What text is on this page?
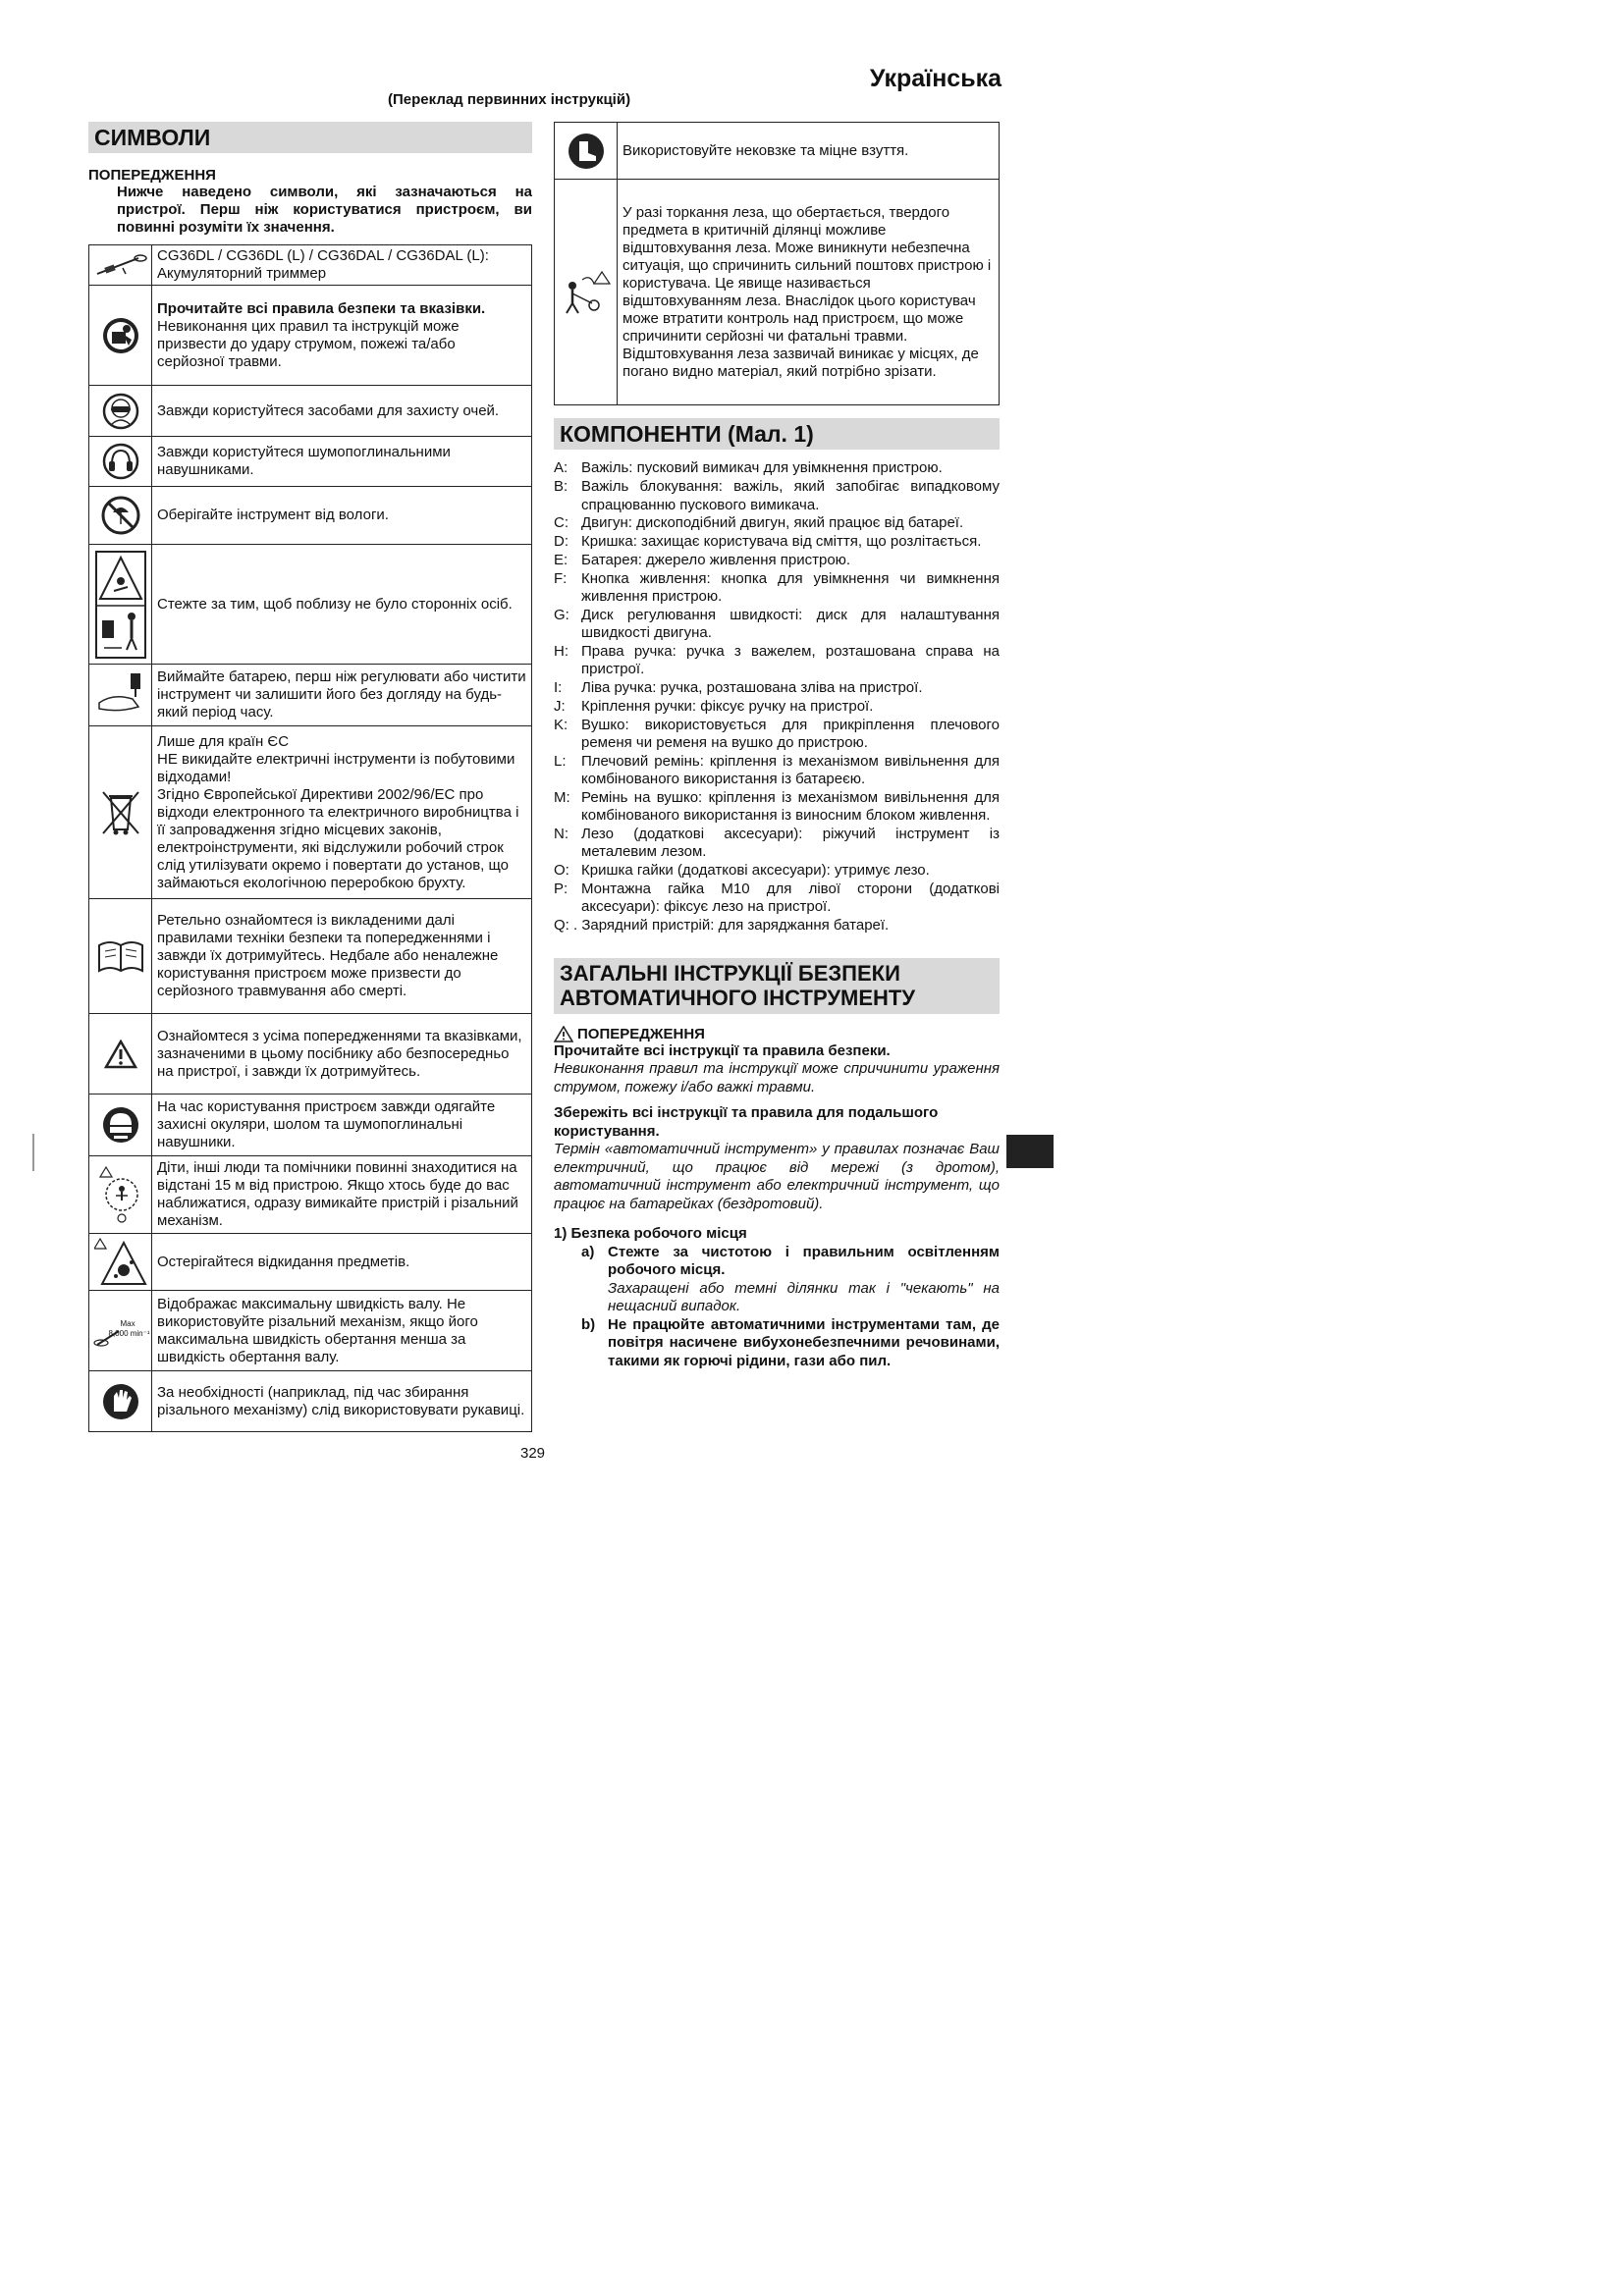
Українська
(Переклад первинних інструкцій)
СИМВОЛИ
ПОПЕРЕДЖЕННЯ
Нижче наведено символи, які зазначаються на пристрої. Перш ніж користуватися пристроєм, ви повинні розуміти їх значення.

CG36DL / CG36DL (L) / CG36DAL / CG36DAL (L):
Акумуляторний триммер

Прочитайте всі правила безпеки та вказівки.
Невиконання цих правил та інструкцій може призвести до удару струмом, пожежі та/або серйозної травми.

	Завжди користуйтеся засобами для захисту очей.

	Завжди користуйтеся шумопоглинальними навушниками.

	Оберігайте інструмент від вологи.

	Стежте за тим, щоб поблизу не було сторонніх осіб.

	Виймайте батарею, перш ніж регулювати або чистити інструмент чи залишити його без догляду на будь-який період часу.

Лише для країн ЄС
НЕ викидайте електричні інструменти із побутовими відходами!
Згідно Європейської Директиви 2002/96/ЕС про відходи електронного та електричного виробництва і її запровадження згідно місцевих законів, електроінструменти, які відслужили робочий строк слід утилізувати окремо і повертати до установ, що займаються екологічною переробкою брухту.

	Ретельно ознайомтеся із викладеними далі правилами техніки безпеки та попередженнями і завжди їх дотримуйтесь. Недбале або неналежне користування пристроєм може призвести до серйозного травмування або смерті.

	Ознайомтеся з усіма попередженнями та вказівками, зазначеними в цьому посібнику або безпосередньо на пристрої, і завжди їх дотримуйтесь.

	На час користування пристроєм завжди одягайте захисні окуляри, шолом та шумопоглинальні навушники.

	Діти, інші люди та помічники повинні знаходитися на відстані 15 м від пристрою. Якщо хтось буде до вас наближатися, одразу вимикайте пристрій і різальний механізм.

	Остерігайтеся відкидання предметів.

Max
8,000 min⁻¹	Відображає максимальну швидкість валу. Не використовуйте різальний механізм, якщо його максимальна швидкість обертання менша за швидкість обертання валу.

	За необхідності (наприклад, під час збирання різального механізму) слід використовувати рукавиці.
	Використовуйте нековзке та міцне взуття.

	У разі торкання леза, що обертається, твердого предмета в критичній ділянці можливе відштовхування леза. Може виникнути небезпечна ситуація, що спричинить сильний поштовх пристрою і користувача. Це явище називається відштовхуванням леза. Внаслідок цього користувач може втратити контроль над пристроєм, що може спричинити серйозні чи фатальні травми. Відштовхування леза зазвичай виникає у місцях, де погано видно матеріал, який потрібно зрізати.
КОМПОНЕНТИ (Мал. 1)
A: Важіль: пусковий вимикач для увімкнення пристрою.
B: Важіль блокування: важіль, який запобігає випадковому спрацюванню пускового вимикача.
C: Двигун: дископодібний двигун, який працює від батареї.
D: Кришка: захищає користувача від сміття, що розлітається.
E: Батарея: джерело живлення пристрою.
F: Кнопка живлення: кнопка для увімкнення чи вимкнення живлення пристрою.
G: Диск регулювання швидкості: диск для налаштування швидкості двигуна.
H: Права ручка: ручка з важелем, розташована справа на пристрої.
I:	Ліва ручка: ручка, розташована зліва на пристрої.
J:	Кріплення ручки: фіксує ручку на пристрої.
K: Вушко: використовується для прикріплення плечового ременя чи ременя на вушко до пристрою.
L:	Плечовий ремінь: кріплення із механізмом вивільнення для комбінованого використання із батареєю.
M: Ремінь на вушко: кріплення із механізмом вивільнення для комбінованого використання із виносним блоком живлення.
N: Лезо (додаткові аксесуари): ріжучий інструмент із металевим лезом.
O: Кришка гайки (додаткові аксесуари): утримує лезо.
P: Монтажна гайка M10 для лівої сторони (додаткові аксесуари): фіксує лезо на пристрої.
Q: . Зарядний пристрій: для заряджання батареї.
ЗАГАЛЬНІ ІНСТРУКЦІЇ БЕЗПЕКИ
АВТОМАТИЧНОГО ІНСТРУМЕНТУ
ПОПЕРЕДЖЕННЯ
Прочитайте всі інструкції та правила безпеки.
Невиконання правил та інструкції може спричинити ураження струмом, пожежу і/або важкі травми.
Збережіть всі інструкції та правила для подальшого користування.
Термін «автоматичний інструмент» у правилах позначає Ваш електричний, що працює від мережі (з дротом), автоматичний інструмент або електричний інструмент, що працює на батарейках (бездротовий).
1) Безпека робочого місця
a) Стежте за чистотою і правильним освітленням робочого місця.
Захаращені або темні ділянки так і "чекають" на нещасний випадок.
b) Не працюйте автоматичними інструментами там, де повітря насичене вибухонебезпечними речовинами, такими як горючі рідини, гази або пил.
329
